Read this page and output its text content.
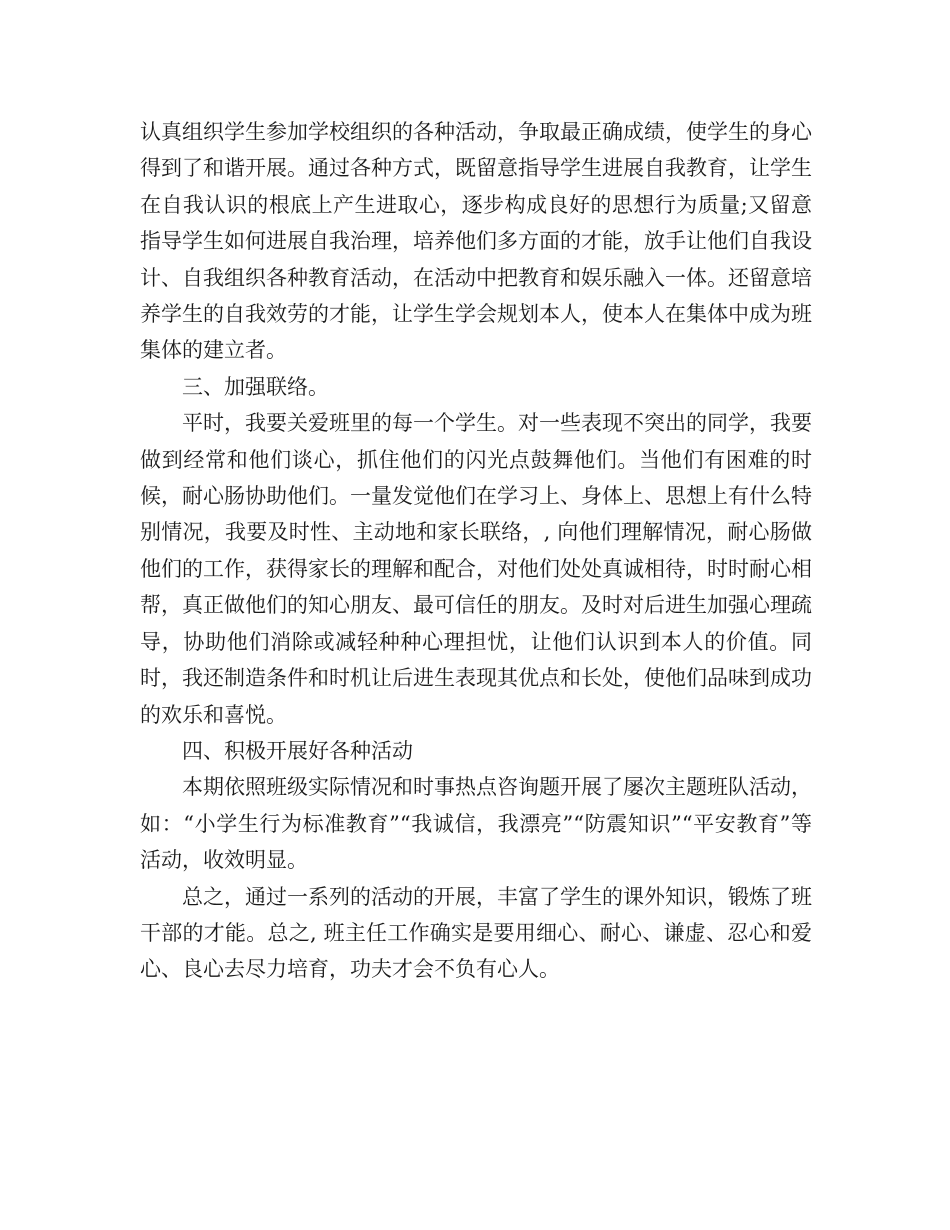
认真组织学生参加学校组织的各种活动，争取最正确成绩，使学生的身心得到了和谐开展。通过各种方式，既留意指导学生进展自我教育，让学生在自我认识的根底上产生进取心，逐步构成良好的思想行为质量;又留意指导学生如何进展自我治理，培养他们多方面的才能，放手让他们自我设计、自我组织各种教育活动，在活动中把教育和娱乐融入一体。还留意培养学生的自我效劳的才能，让学生学会规划本人，使本人在集体中成为班集体的建立者。

三、加强联络。

平时，我要关爱班里的每一个学生。对一些表现不突出的同学，我要做到经常和他们谈心，抓住他们的闪光点鼓舞他们。当他们有困难的时候，耐心肠协助他们。一量发觉他们在学习上、身体上、思想上有什么特别情况，我要及时性、主动地和家长联络，, 向他们理解情况，耐心肠做他们的工作，获得家长的理解和配合，对他们处处真诚相待，时时耐心相帮，真正做他们的知心朋友、最可信任的朋友。及时对后进生加强心理疏导，协助他们消除或减轻种种心理担忧，让他们认识到本人的价值。同时，我还制造条件和时机让后进生表现其优点和长处，使他们品味到成功的欢乐和喜悦。

四、积极开展好各种活动

本期依照班级实际情况和时事热点咨询题开展了屡次主题班队活动，如：“小学生行为标准教育”“我诚信，我漂亮”“防震知识”“平安教育”等活动，收效明显。

总之，通过一系列的活动的开展，丰富了学生的课外知识，锻炼了班干部的才能。总之, 班主任工作确实是要用细心、耐心、谦虚、忍心和爱心、良心去尽力培育，功夫才会不负有心人。
